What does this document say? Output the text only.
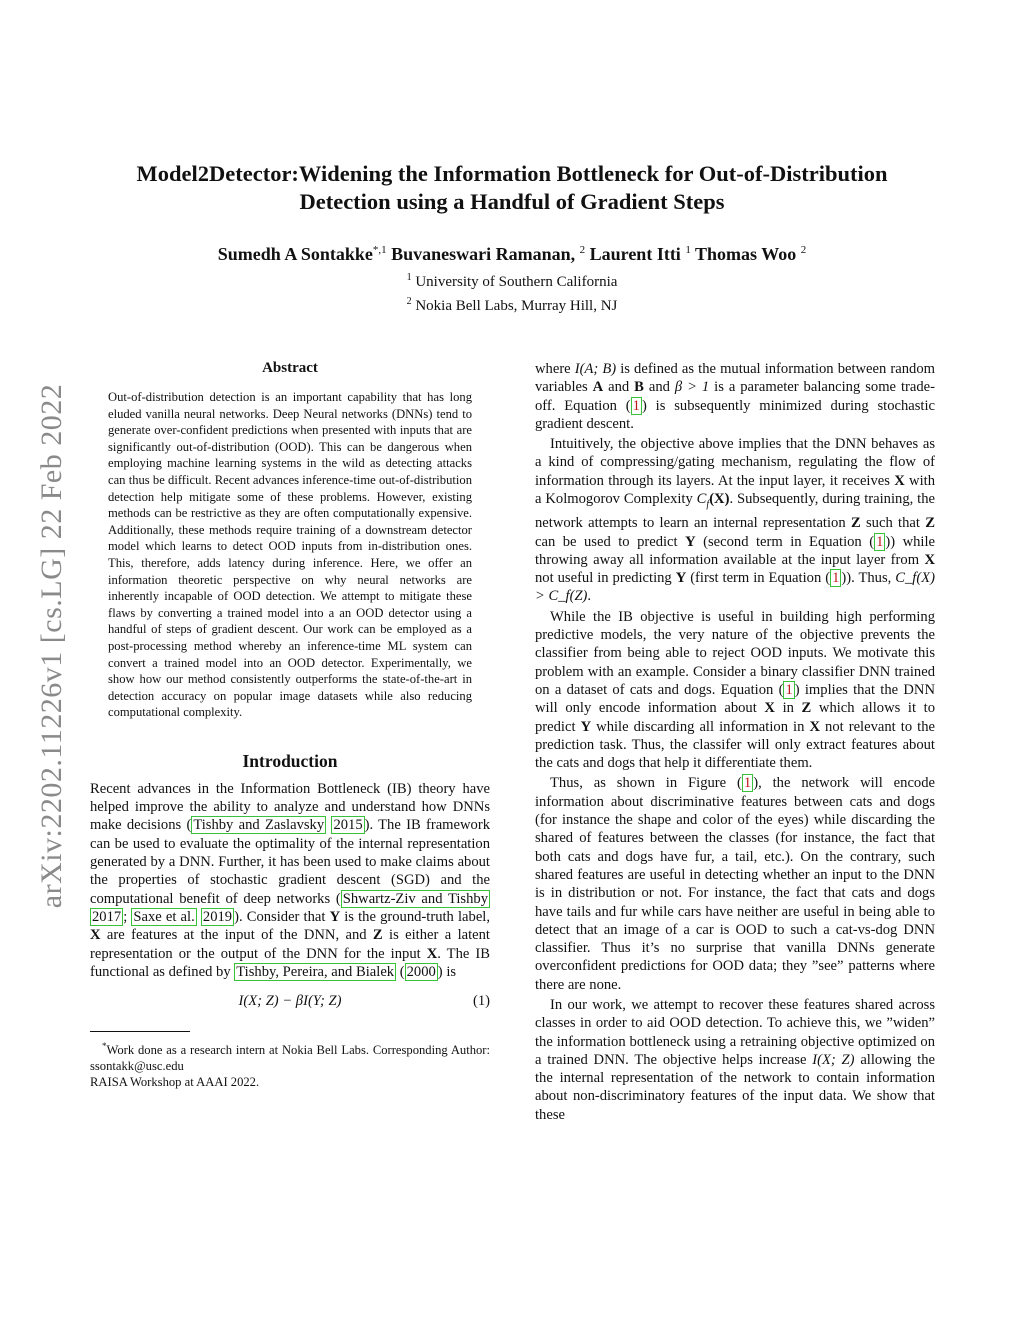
arXiv:2202.11226v1 [cs.LG] 22 Feb 2022
Model2Detector:Widening the Information Bottleneck for Out-of-Distribution
Detection using a Handful of Gradient Steps
Sumedh A Sontakke$^{*,1}$ Buvaneswari Ramanan, $^2$ Laurent Itti $^1$ Thomas Woo $^2$
$^1$ University of Southern California
$^2$ Nokia Bell Labs, Murray Hill, NJ
Abstract

Out-of-distribution detection is an important capability that has long eluded vanilla neural networks. Deep Neural networks (DNNs) tend to generate over-confident predictions when presented with inputs that are significantly out-of-distribution (OOD). This can be dangerous when employing machine learning systems in the wild as detecting attacks can thus be difficult. Recent advances inference-time out-of-distribution detection help mitigate some of these problems. However, existing methods can be restrictive as they are often computationally expensive. Additionally, these methods require training of a downstream detector model which learns to detect OOD inputs from in-distribution ones. This, therefore, adds latency during inference. Here, we offer an information theoretic perspective on why neural networks are inherently incapable of OOD detection. We attempt to mitigate these flaws by converting a trained model into a an OOD detector using a handful of steps of gradient descent. Our work can be employed as a post-processing method whereby an inference-time ML system can convert a trained model into an OOD detector. Experimentally, we show how our method consistently outperforms the state-of-the-art in detection accuracy on popular image datasets while also reducing computational complexity.

Introduction

Recent advances in the Information Bottleneck (IB) theory have helped improve the ability to analyze and understand how DNNs make decisions ( Tishby and Zaslavsky 2015 ). The IB framework can be used to evaluate the optimality of the internal representation generated by a DNN. Further, it has been used to make claims about the properties of stochastic gradient descent (SGD) and the computational benefit of deep networks ( Shwartz-Ziv and Tishby 2017 ; Saxe et al. 2019 ). Consider that Y is the ground-truth label, X are features at the input of the DNN, and Z is either a latent representation or the output of the DNN for the input X. The IB functional as defined by Tishby, Pereira, and Bialek ( 2000 ) is

I(X; Z) − βI(Y; Z)	(1)

*Work done as a research intern at Nokia Bell Labs. Corresponding Author: ssontakk@usc.edu

RAISA Workshop at AAAI 2022.

where I(A; B) is defined as the mutual information between random variables A and B and β > 1 is a parameter balancing some trade-off. Equation ( 1 ) is subsequently minimized during stochastic gradient descent.

Intuitively, the objective above implies that the DNN behaves as a kind of compressing/gating mechanism, regulating the flow of information through its layers. At the input layer, it receives X with a Kolmogorov Complexity $C_f(X)$. Subsequently, during training, the network attempts to learn an internal representation Z such that Z can be used to predict Y (second term in Equation ( 1 )) while throwing away all information available at the input layer from X not useful in predicting Y (first term in Equation ( 1 )). Thus, C_f(X) > C_f(Z).

While the IB objective is useful in building high performing predictive models, the very nature of the objective prevents the classifier from being able to reject OOD inputs. We motivate this problem with an example. Consider a binary classifier DNN trained on a dataset of cats and dogs. Equation ( 1 ) implies that the DNN will only encode information about X in Z which allows it to predict Y while discarding all information in X not relevant to the prediction task. Thus, the classifer will only extract features about the cats and dogs that help it differentiate them.

Thus, as shown in Figure ( 1 ), the network will encode information about discriminative features between cats and dogs (for instance the shape and color of the eyes) while discarding the shared of features between the classes (for instance, the fact that both cats and dogs have fur, a tail, etc.). On the contrary, such shared features are useful in detecting whether an input to the DNN is in distribution or not. For instance, the fact that cats and dogs have tails and fur while cars have neither are useful in being able to detect that an image of a car is OOD to such a cat-vs-dog DNN classifier. Thus it’s no surprise that vanilla DNNs generate overconfident predictions for OOD data; they ”see” patterns where there are none.

In our work, we attempt to recover these features shared across classes in order to aid OOD detection. To achieve this, we ”widen” the information bottleneck using a retraining objective optimized on a trained DNN. The objective helps increase I(X; Z) allowing the the internal representation of the network to contain information about non-discriminatory features of the input data. We show that these
